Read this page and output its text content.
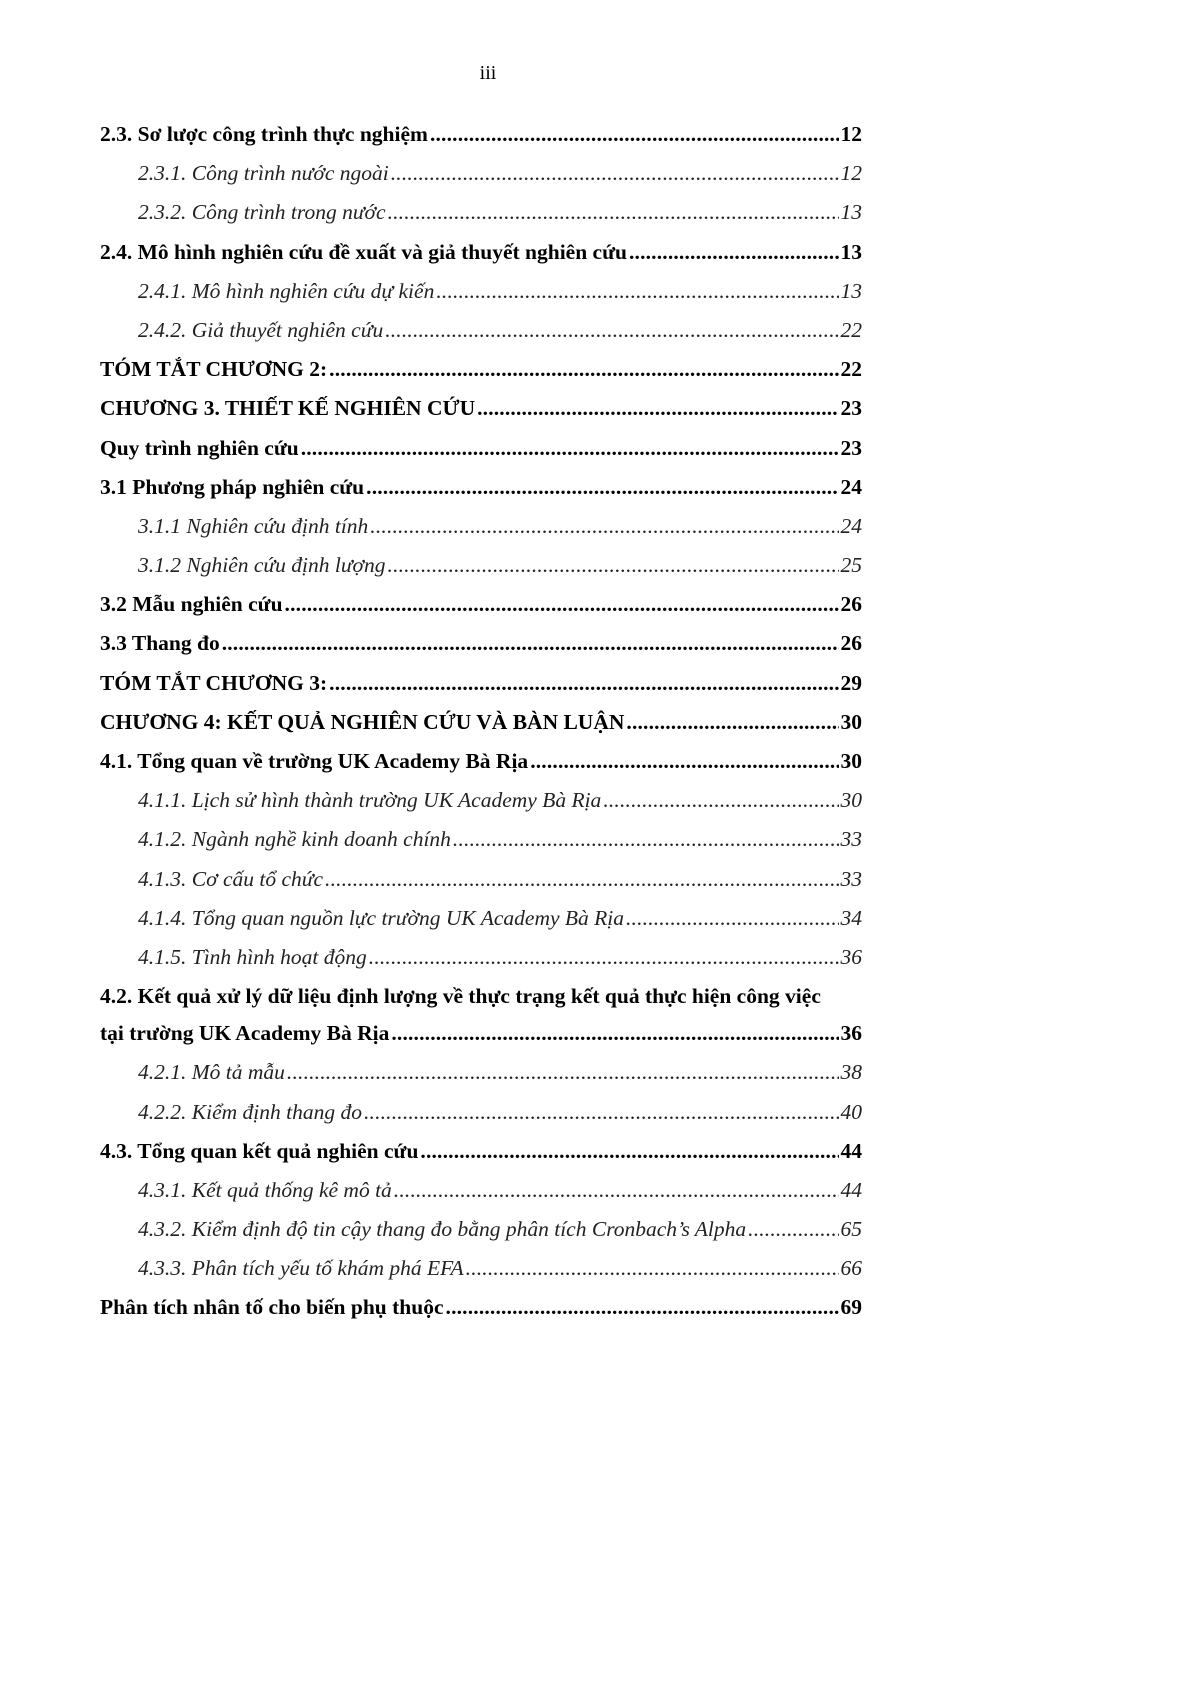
iii
2.3. Sơ lược công trình thực nghiệm . . .	12
2.3.1. Công trình nước ngoài . . .	12
2.3.2. Công trình trong nước . . .	13
2.4. Mô hình nghiên cứu đề xuất và giả thuyết nghiên cứu . . .	13
2.4.1. Mô hình nghiên cứu dự kiến . . .	13
2.4.2. Giả thuyết nghiên cứu . . .	22
TÓM TẮT CHƯƠNG 2: . . .	22
CHƯƠNG 3. THIẾT KẾ NGHIÊN CỨU . . .	23
Quy trình nghiên cứu . . .	23
3.1 Phương pháp nghiên cứu . . .	24
3.1.1 Nghiên cứu định tính . . .	24
3.1.2 Nghiên cứu định lượng . . .	25
3.2 Mẫu nghiên cứu . . .	26
3.3 Thang đo . . .	26
TÓM TẮT CHƯƠNG 3: . . .	29
CHƯƠNG 4: KẾT QUẢ NGHIÊN CỨU VÀ BÀN LUẬN . . .	30
4.1. Tổng quan về trường UK Academy Bà Rịa . . .	30
4.1.1. Lịch sử hình thành trường UK Academy Bà Rịa . . .	30
4.1.2. Ngành nghề kinh doanh chính . . .	33
4.1.3. Cơ cấu tổ chức . . .	33
4.1.4. Tổng quan nguồn lực trường UK Academy Bà Rịa . . .	34
4.1.5. Tình hình hoạt động . . .	36
4.2. Kết quả xử lý dữ liệu định lượng về thực trạng kết quả thực hiện công việc
tại trường UK Academy Bà Rịa . . .	36
4.2.1. Mô tả mẫu . . .	38
4.2.2. Kiểm định thang đo . . .	40
4.3. Tổng quan kết quả nghiên cứu . . .	44
4.3.1. Kết quả thống kê mô tả . . .	44
4.3.2. Kiểm định độ tin cậy thang đo bằng phân tích Cronbach’s Alpha . . .	65
4.3.3. Phân tích yếu tố khám phá EFA . . .	66
Phân tích nhân tố cho biến phụ thuộc . . .	69
